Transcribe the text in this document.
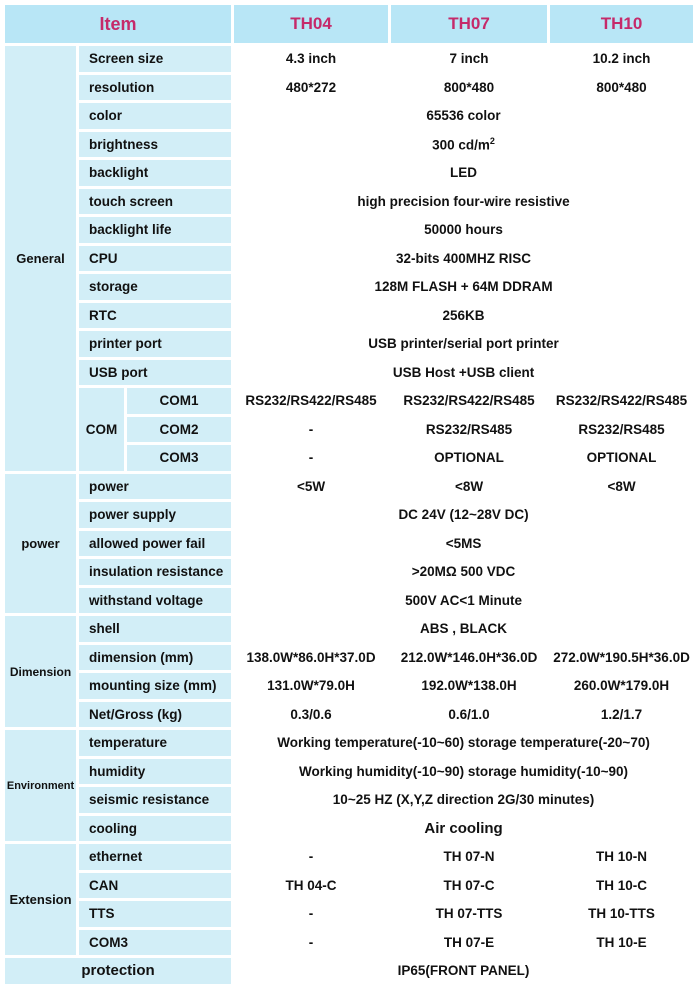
Item			TH04	TH07	TH10
General	Screen size		4.3 inch	7 inch	10.2 inch
	resolution		480*272	800*480	800*480
	color		65536 color		
	brightness		300 $cd/m^2$
	backlight		LED		
	touch screen		high precision four-wire resistive		
	backlight life		50000 hours		
	CPU		32-bits 400MHZ RISC		
	storage		128M FLASH + 64M DDRAM		
	RTC		256KB		
	printer port		USB printer/serial port printer		
	USB port		USB Host +USB client		
	COM	COM1	RS232/RS422/RS485	RS232/RS422/RS485	RS232/RS422/RS485
		COM2	-	RS232/RS485	RS232/RS485
		COM3	-	OPTIONAL	OPTIONAL
power	power		<5W	<8W	<8W
	power supply		DC 24V (12~28V DC)		
	allowed power fail		<5MS		
	insulation resistance		>20MΩ 500 VDC		
	withstand voltage		500V AC<1 Minute		
Dimension	shell		ABS , BLACK		
	dimension (mm)		138.0W*86.0H*37.0D	212.0W*146.0H*36.0D	272.0W*190.5H*36.0D
	mounting size (mm)		131.0W*79.0H	192.0W*138.0H	260.0W*179.0H
	Net/Gross (kg)		0.3/0.6	0.6/1.0	1.2/1.7
Environment	temperature		Working temperature(-10~60) storage temperature(-20~70)		
	humidity		Working humidity(-10~90) storage humidity(-10~90)		
	seismic resistance		10~25 HZ (X,Y,Z direction 2G/30 minutes)		
	cooling		Air cooling		
Extension	ethernet		-	TH 07-N	TH 10-N
	CAN		TH 04-C	TH 07-C	TH 10-C
	TTS		-	TH 07-TTS	TH 10-TTS
	COM3		-	TH 07-E	TH 10-E
protection			IP65(FRONT PANEL)		
